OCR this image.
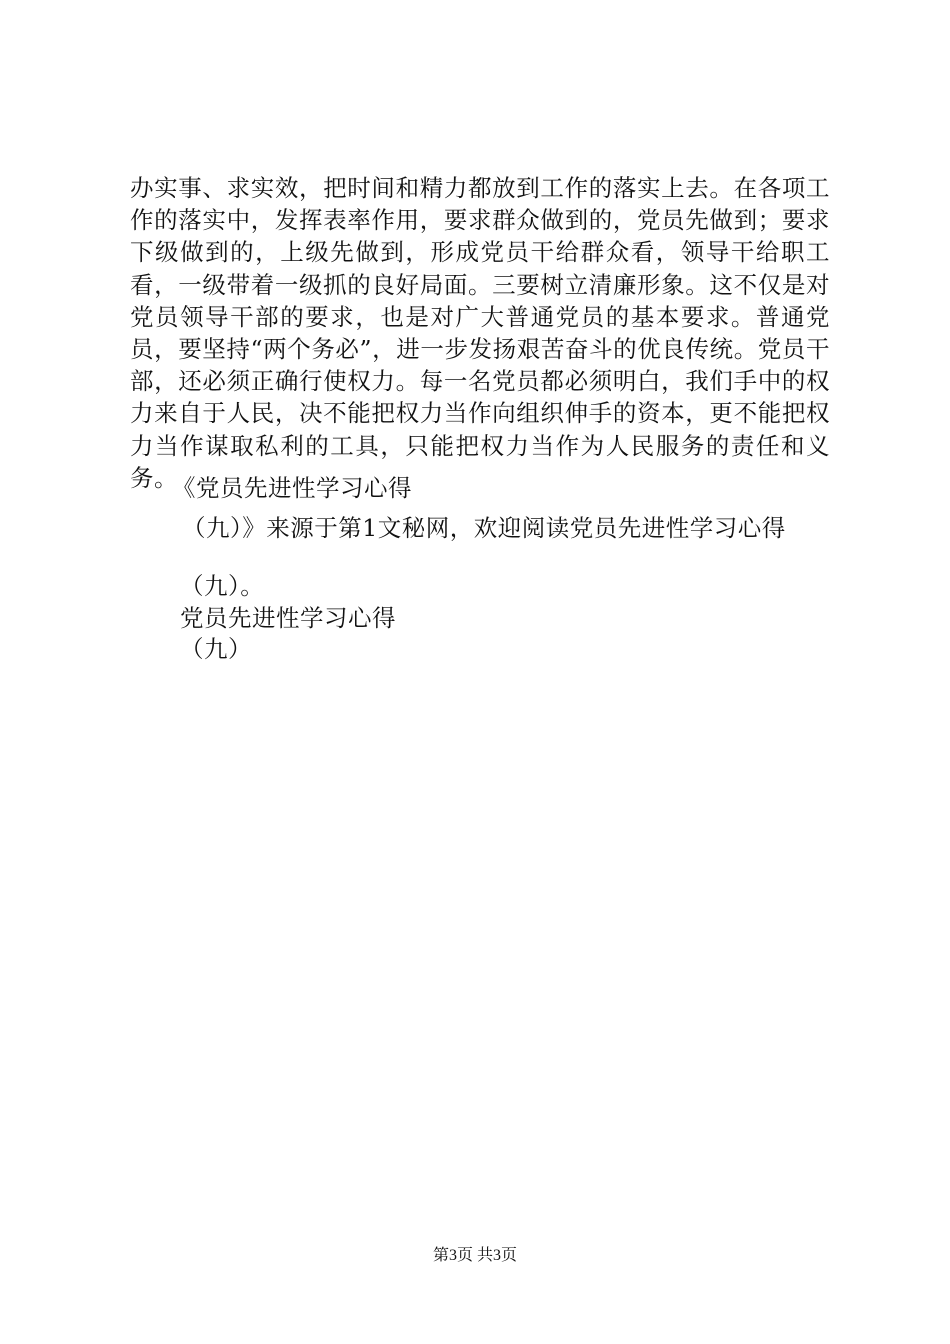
办实事、求实效，把时间和精力都放到工作的落实上去。在各项工作的落实中，发挥表率作用，要求群众做到的，党员先做到；要求下级做到的，上级先做到，形成党员干给群众看，领导干给职工看，一级带着一级抓的良好局面。三要树立清廉形象。这不仅是对党员领导干部的要求，也是对广大普通党员的基本要求。普通党员，要坚持“两个务必”，进一步发扬艰苦奋斗的优良传统。党员干部，还必须正确行使权力。每一名党员都必须明白，我们手中的权力来自于人民，决不能把权力当作向组织伸手的资本，更不能把权力当作谋取私利的工具，只能把权力当作为人民服务的责任和义务。
《党员先进性学习心得
（九）》来源于第1文秘网，欢迎阅读党员先进性学习心得
（九）。
党员先进性学习心得
（九）
第3页 共3页
